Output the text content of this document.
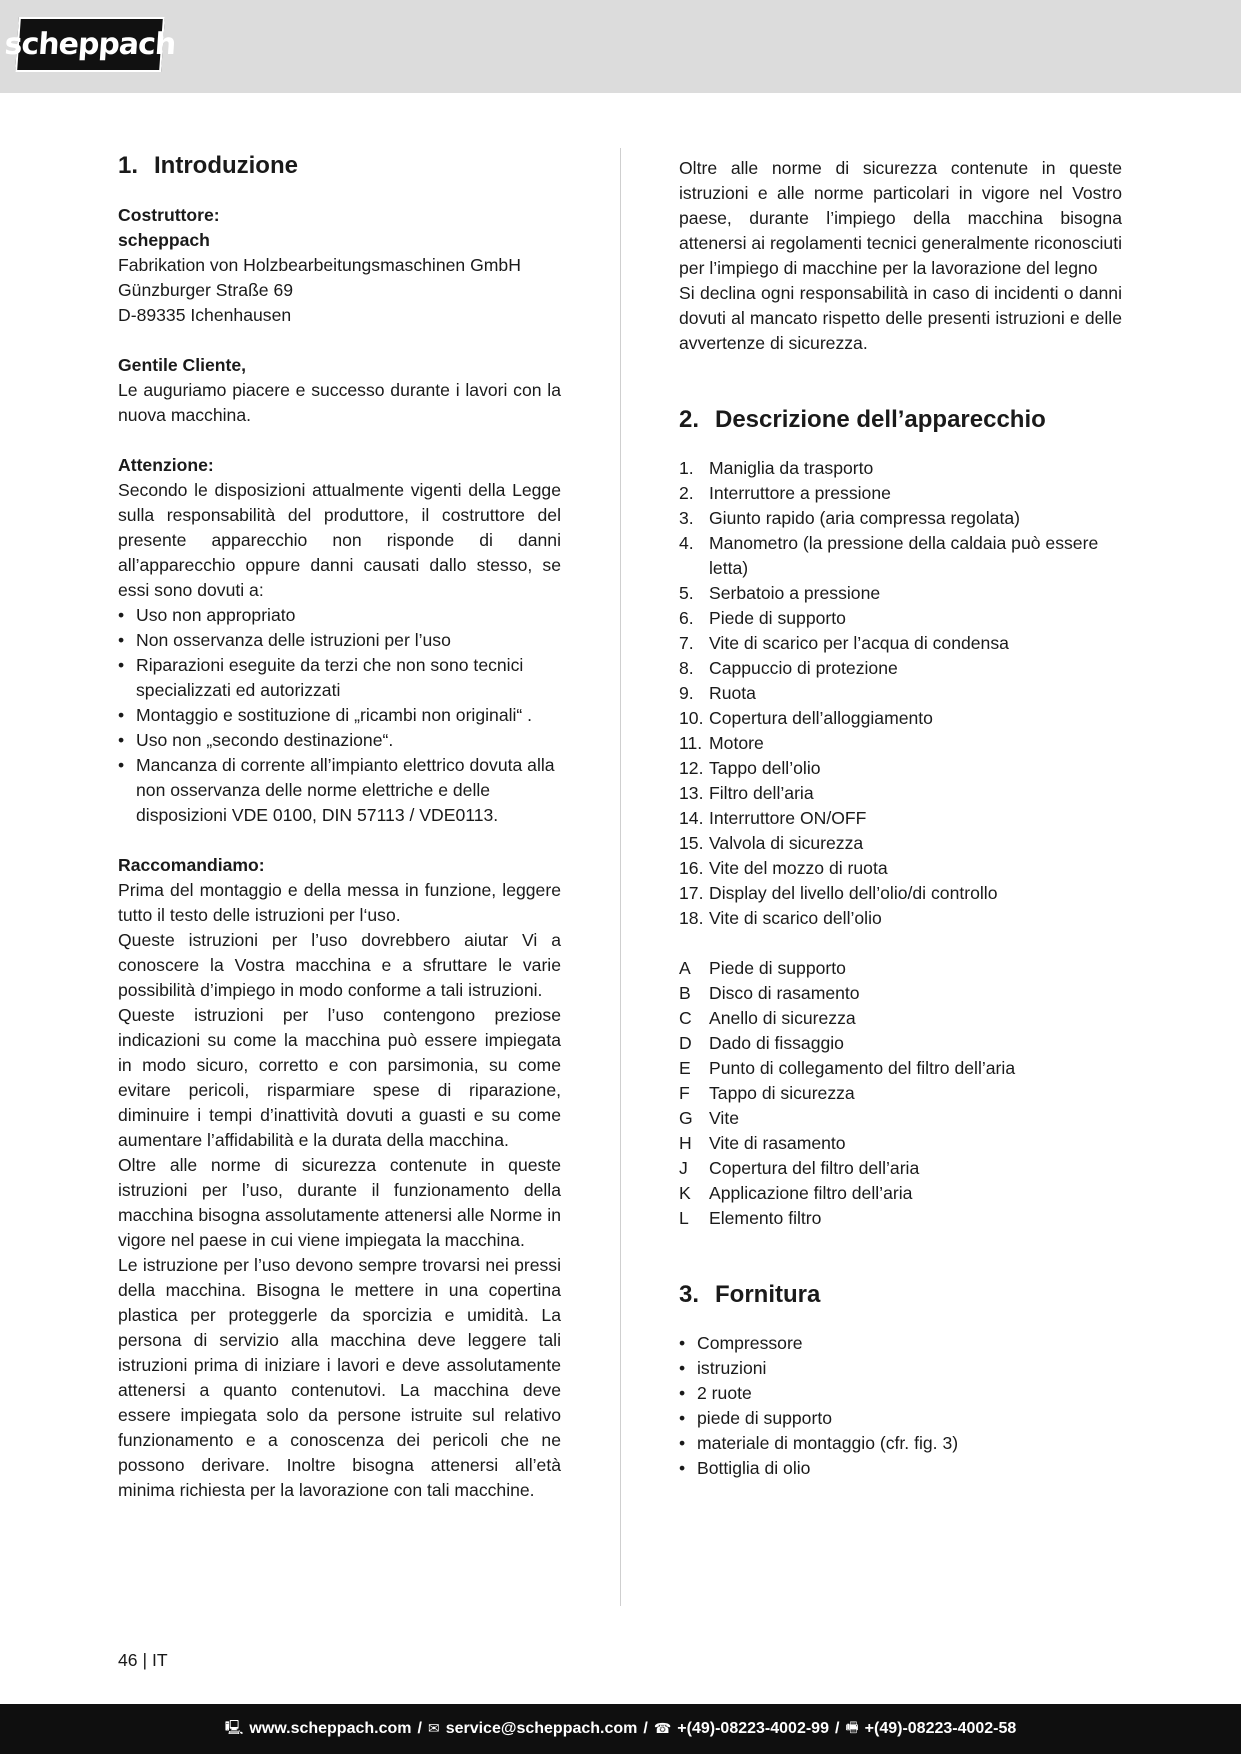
scheppach
1. Introduzione

Costruttore:

scheppach

Fabrikation von Holzbearbeitungsmaschinen GmbH

Günzburger Straße 69

D-89335 Ichenhausen

Gentile Cliente,

Le auguriamo piacere e successo durante i lavori con la nuova macchina.

Attenzione:

Secondo le disposizioni attualmente vigenti della Legge sulla responsabilità del produttore, il costruttore del presente apparecchio non risponde di danni all’apparecchio oppure danni causati dallo stesso, se essi sono dovuti a:

• Uso non appropriato
• Non osservanza delle istruzioni per l’uso
• Riparazioni eseguite da terzi che non sono tecnici specializzati ed autorizzati
• Montaggio e sostituzione di „ricambi non originali“ .
• Uso non „secondo destinazione“.
• Mancanza di corrente all’impianto elettrico dovuta alla non osservanza delle norme elettriche e delle disposizioni VDE 0100, DIN 57113 / VDE0113.

Raccomandiamo:

Prima del montaggio e della messa in funzione, leggere tutto il testo delle istruzioni per l‘uso.

Queste istruzioni per l’uso dovrebbero aiutar Vi a conoscere la Vostra macchina e a sfruttare le varie possibilità d’impiego in modo conforme a tali istruzioni.

Queste istruzioni per l’uso contengono preziose indicazioni su come la macchina può essere impiegata in modo sicuro, corretto e con parsimonia, su come evitare pericoli, risparmiare spese di riparazione, diminuire i tempi d’inattività dovuti a guasti e su come aumentare l’affidabilità e la durata della macchina.

Oltre alle norme di sicurezza contenute in queste istruzioni per l’uso, durante il funzionamento della macchina bisogna assolutamente attenersi alle Norme in vigore nel paese in cui viene impiegata la macchina.

Le istruzione per l’uso devono sempre trovarsi nei pressi della macchina. Bisogna le mettere in una copertina plastica per proteggerle da sporcizia e umidità. La persona di servizio alla macchina deve leggere tali istruzioni prima di iniziare i lavori e deve assolutamente attenersi a quanto contenutovi. La macchina deve essere impiegata solo da persone istruite sul relativo funzionamento e a conoscenza dei pericoli che ne possono derivare. Inoltre bisogna attenersi all’età minima richiesta per la lavorazione con tali macchine.

Oltre alle norme di sicurezza contenute in queste istruzioni e alle norme particolari in vigore nel Vostro paese, durante l’impiego della macchina bisogna attenersi ai regolamenti tecnici generalmente riconosciuti per l’impiego di macchine per la lavorazione del legno

Si declina ogni responsabilità in caso di incidenti o danni dovuti al mancato rispetto delle presenti istruzioni e delle avvertenze di sicurezza.

2. Descrizione dell’apparecchio
1. Maniglia da trasporto
2. Interruttore a pressione
3. Giunto rapido (aria compressa regolata)
4. Manometro (la pressione della caldaia può essere letta)
5. Serbatoio a pressione
6. Piede di supporto
7. Vite di scarico per l’acqua di condensa
8. Cappuccio di protezione
9. Ruota
10. Copertura dell’alloggiamento
11. Motore
12. Tappo dell’olio
13. Filtro dell’aria
14. Interruttore ON/OFF
15. Valvola di sicurezza
16. Vite del mozzo di ruota
17. Display del livello dell’olio/di controllo
18. Vite di scarico dell’olio
A Piede di supporto
B Disco di rasamento
C Anello di sicurezza
D Dado di fissaggio
E Punto di collegamento del filtro dell’aria
F Tappo di sicurezza
G Vite
H Vite di rasamento
J Copertura del filtro dell’aria
K Applicazione filtro dell’aria
L Elemento filtro
3. Fornitura
• Compressore
• istruzioni
• 2 ruote
• piede di supporto
• materiale di montaggio (cfr. fig. 3)
• Bottiglia di olio
46 | IT
🖳 www.scheppach.com / ✉ service@scheppach.com / ☎ +(49)-08223-4002-99 / 🖷 +(49)-08223-4002-58
